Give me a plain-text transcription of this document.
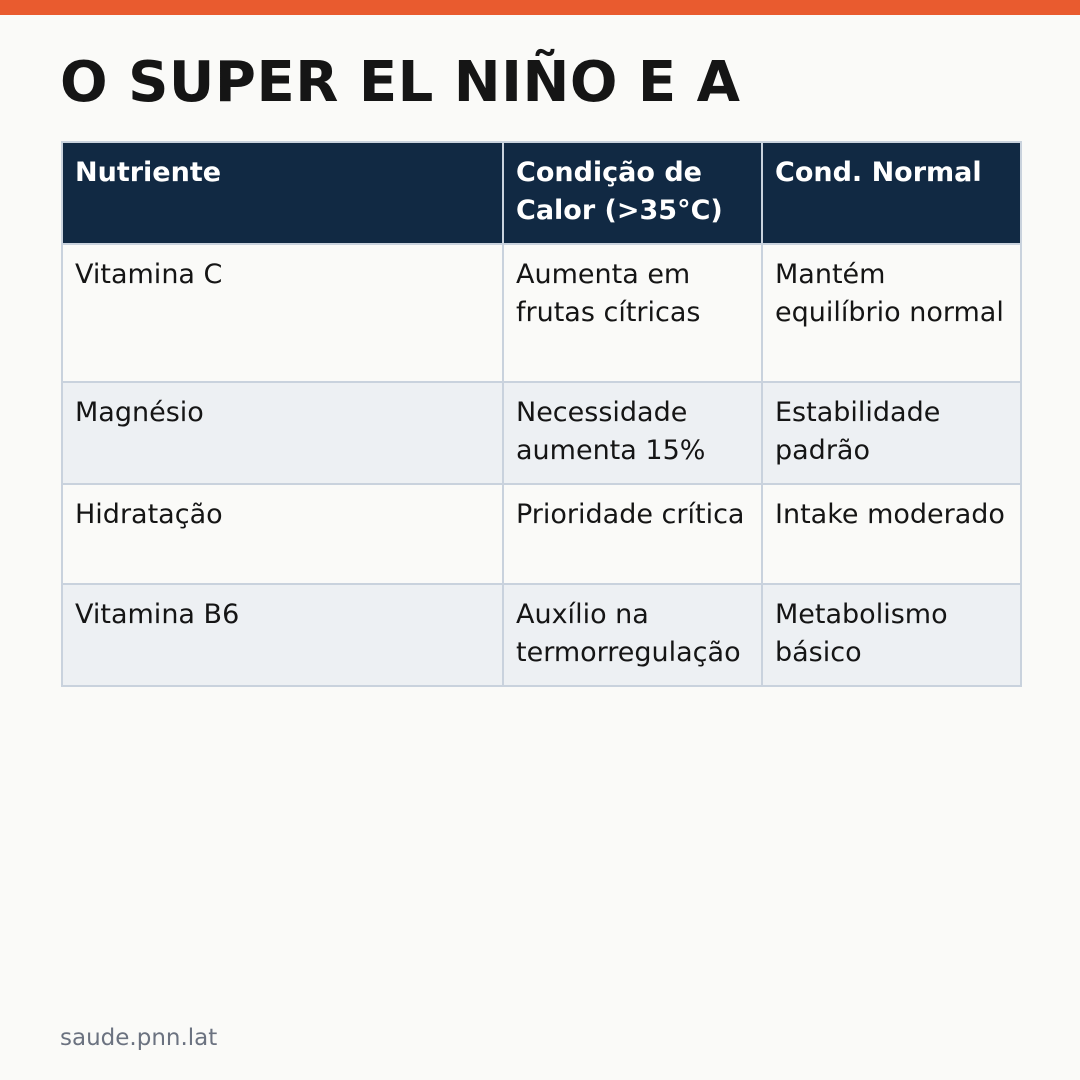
O SUPER EL NIÑO E A
Nutriente	Condição de Calor (>35°C)	Cond. Normal
Vitamina C	Aumenta em frutas cítricas	Mantém equilíbrio normal
Magnésio	Necessidade aumenta 15%	Estabilidade padrão
Hidratação	Prioridade crítica	Intake moderado
Vitamina B6	Auxílio na termorregulação	Metabolismo básico
saude.pnn.lat
